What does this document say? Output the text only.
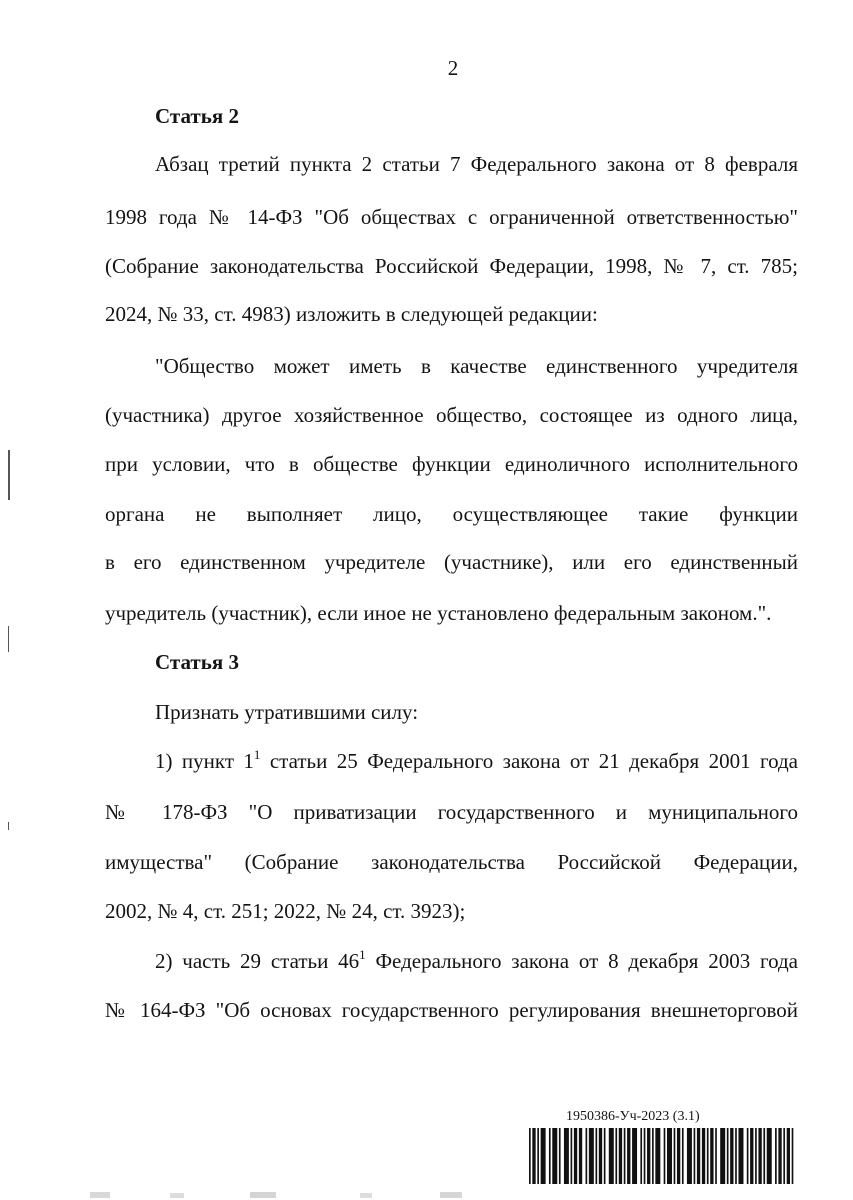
2
Статья 2
Абзац третий пункта 2 статьи 7 Федерального закона от 8 февраля
1998 года № 14-ФЗ "Об обществах с ограниченной ответственностью"
(Собрание законодательства Российской Федерации, 1998, № 7, ст. 785;
2024, № 33, ст. 4983) изложить в следующей редакции:
"Общество может иметь в качестве единственного учредителя
(участника) другое хозяйственное общество, состоящее из одного лица,
при условии, что в обществе функции единоличного исполнительного
органа не выполняет лицо, осуществляющее такие функции
в его единственном учредителе (участнике), или его единственный
учредитель (участник), если иное не установлено федеральным законом.".
Статья 3
Признать утратившими силу:
1) пункт $1^1$ статьи 25 Федерального закона от 21 декабря 2001 года
№ 178-ФЗ "О приватизации государственного и муниципального
имущества" (Собрание законодательства Российской Федерации,
2002, № 4, ст. 251; 2022, № 24, ст. 3923);
2) часть 29 статьи $46^1$ Федерального закона от 8 декабря 2003 года
№ 164-ФЗ "Об основах государственного регулирования внешнеторговой
1950386-Уч-2023 (3.1)
